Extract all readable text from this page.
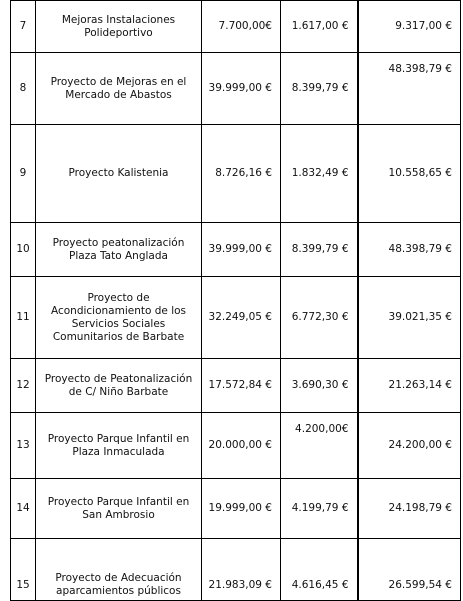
7	Mejoras Instalaciones Polideportivo	7.700,00€	1.617,00 €	9.317,00 €
8	Proyecto de Mejoras en el Mercado de Abastos	39.999,00 €	8.399,79 €	48.398,79 €
9	Proyecto Kalistenia	8.726,16 €	1.832,49 €	10.558,65 €
10	Proyecto peatonalización Plaza Tato Anglada	39.999,00 €	8.399,79 €	48.398,79 €
11	Proyecto de Acondicionamiento de los Servicios Sociales Comunitarios de Barbate	32.249,05 €	6.772,30 €	39.021,35 €
12	Proyecto de Peatonalización de C/ Niño Barbate	17.572,84 €	3.690,30 €	21.263,14 €
13	Proyecto Parque Infantil en Plaza Inmaculada	20.000,00 €	4.200,00€	24.200,00 €
14	Proyecto Parque Infantil en San Ambrosio	19.999,00 €	4.199,79 €	24.198,79 €
15	Proyecto de Adecuación aparcamientos públicos	21.983,09 €	4.616,45 €	26.599,54 €
